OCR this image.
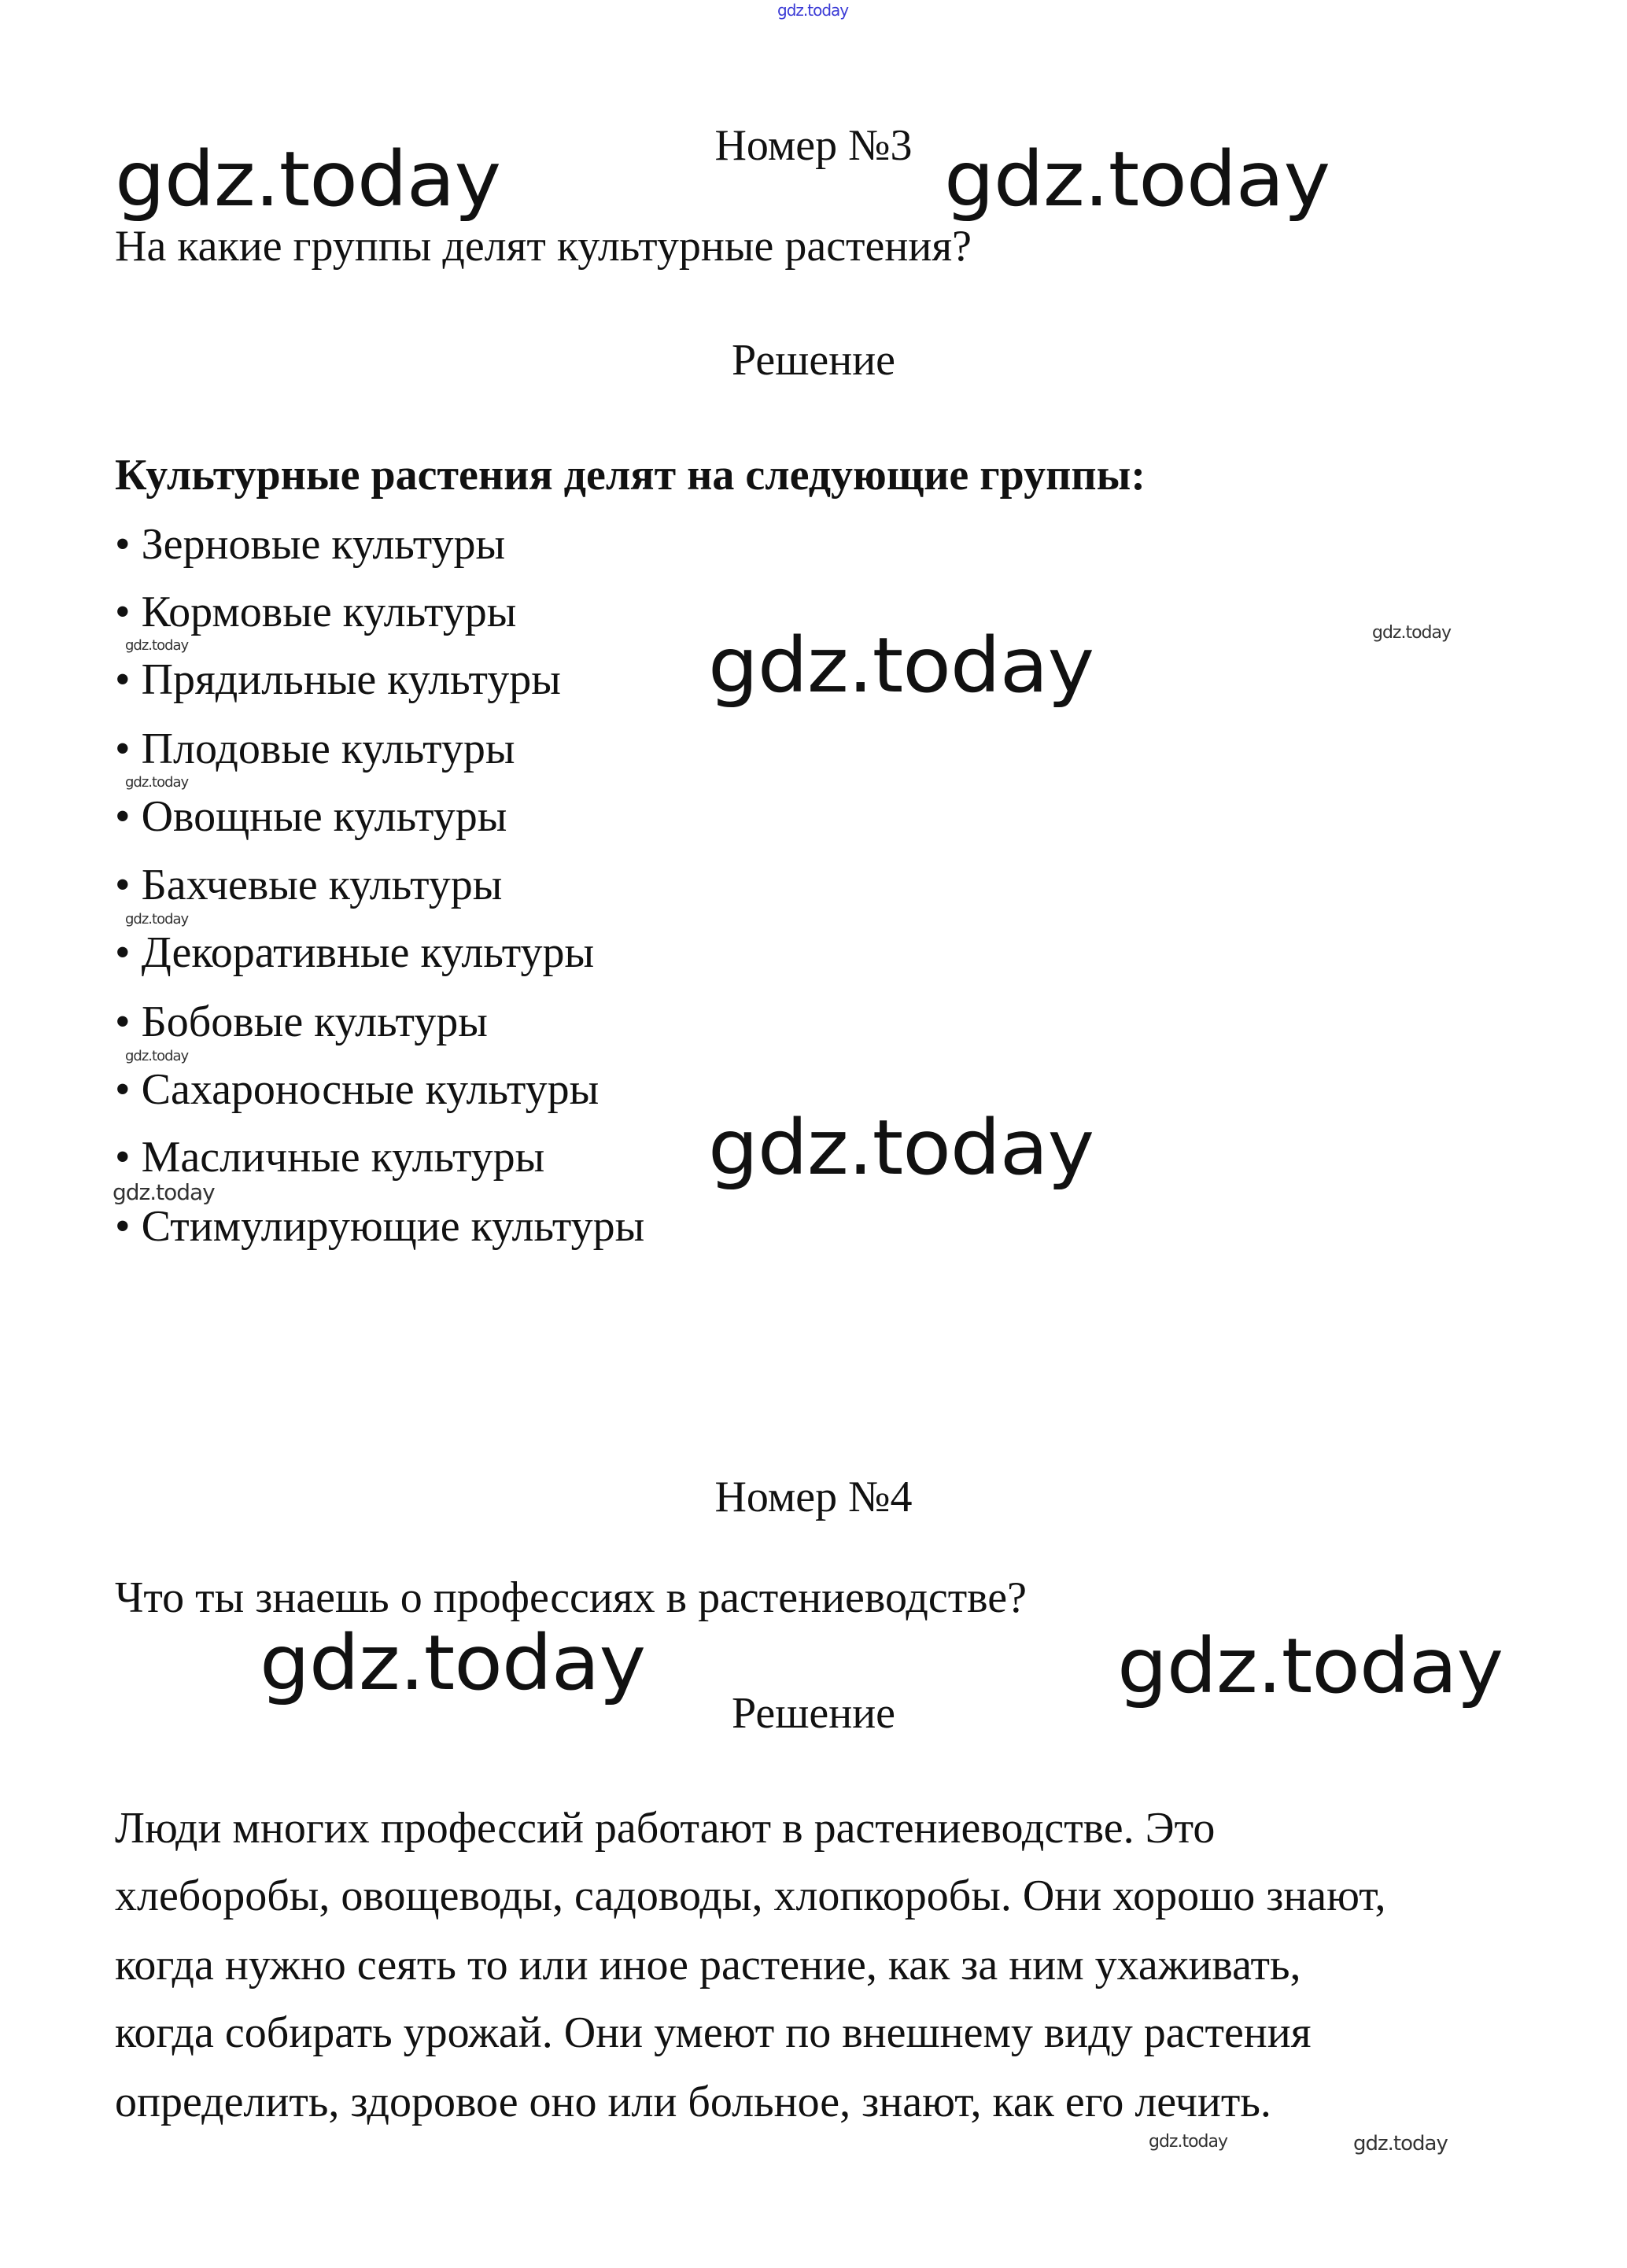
gdz.today
Номер №3
На какие группы делят культурные растения?
Решение
Культурные растения делят на следующие группы:
• Зерновые культуры
• Кормовые культуры
• Прядильные культуры
• Плодовые культуры
• Овощные культуры
• Бахчевые культуры
• Декоративные культуры
• Бобовые культуры
• Сахароносные культуры
• Масличные культуры
• Стимулирующие культуры
Номер №4
Что ты знаешь о профессиях в растениеводстве?
Решение
Люди многих профессий работают в растениеводстве. Это
хлеборобы, овощеводы, садоводы, хлопкоробы. Они хорошо знают,
когда нужно сеять то или иное растение, как за ним ухаживать,
когда собирать урожай. Они умеют по внешнему виду растения
определить, здоровое оно или больное, знают, как его лечить.
gdz.today	gdz.today
gdz.today
gdz.today
gdz.today
gdz.today
gdz.today
gdz.today
gdz.today
gdz.today
gdz.today
gdz.today
gdz.today	gdz.today
